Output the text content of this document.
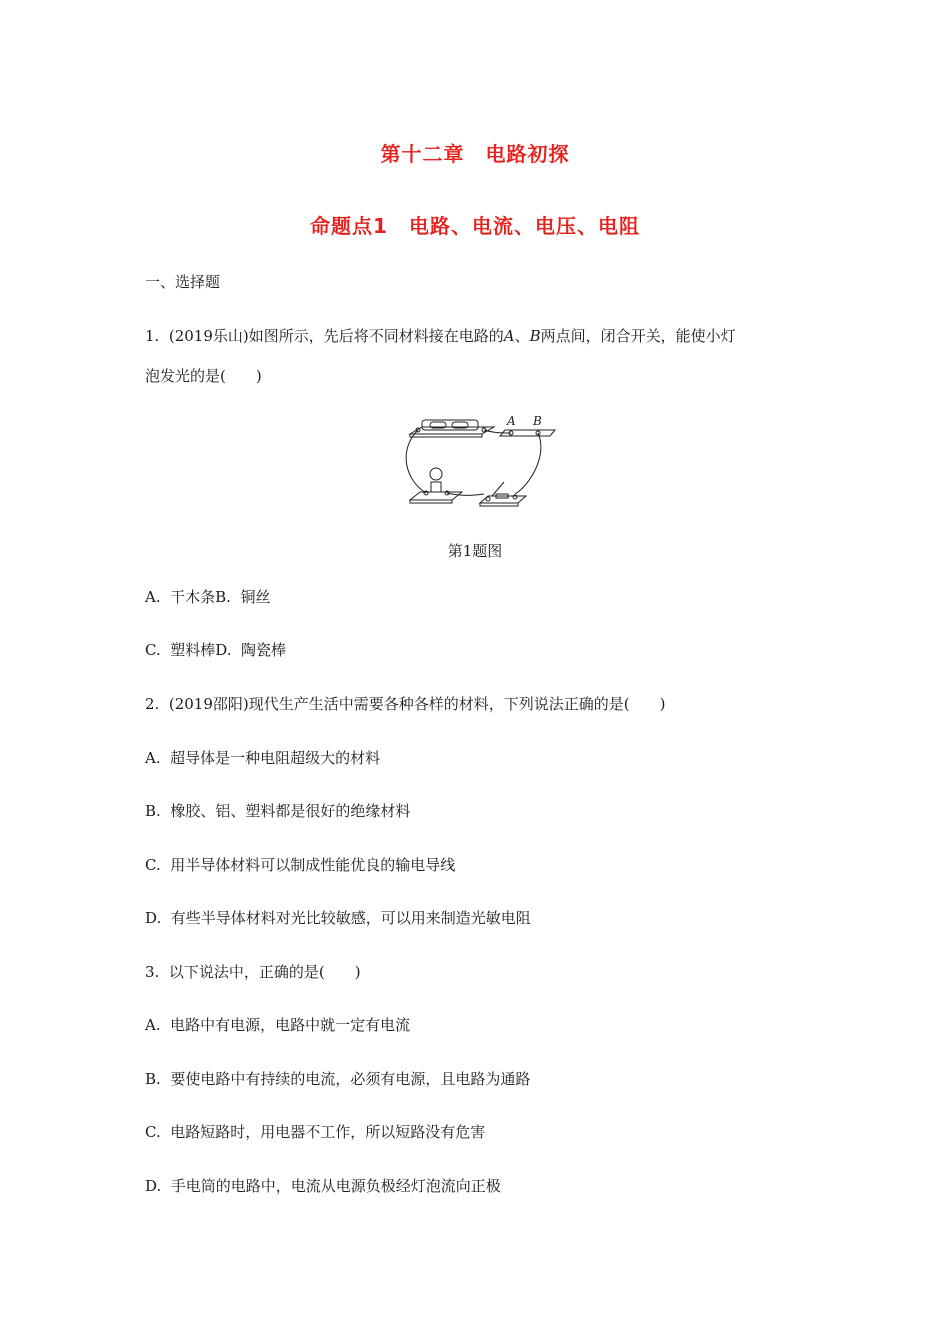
第十二章　电路初探
命题点1　电路、电流、电压、电阻
一、选择题
1.  (2019乐山)如图所示，先后将不同材料接在电路的A、B两点间，闭合开关，能使小灯
泡发光的是(　　)
A B
第1题图
A.  干木条B.  铜丝
C.  塑料棒D.  陶瓷棒
2.  (2019邵阳)现代生产生活中需要各种各样的材料，下列说法正确的是(　　)
A.  超导体是一种电阻超级大的材料
B.  橡胶、铝、塑料都是很好的绝缘材料
C.  用半导体材料可以制成性能优良的输电导线
D.  有些半导体材料对光比较敏感，可以用来制造光敏电阻
3.  以下说法中，正确的是(　　)
A.  电路中有电源，电路中就一定有电流
B.  要使电路中有持续的电流，必须有电源，且电路为通路
C.  电路短路时，用电器不工作，所以短路没有危害
D.  手电筒的电路中，电流从电源负极经灯泡流向正极
